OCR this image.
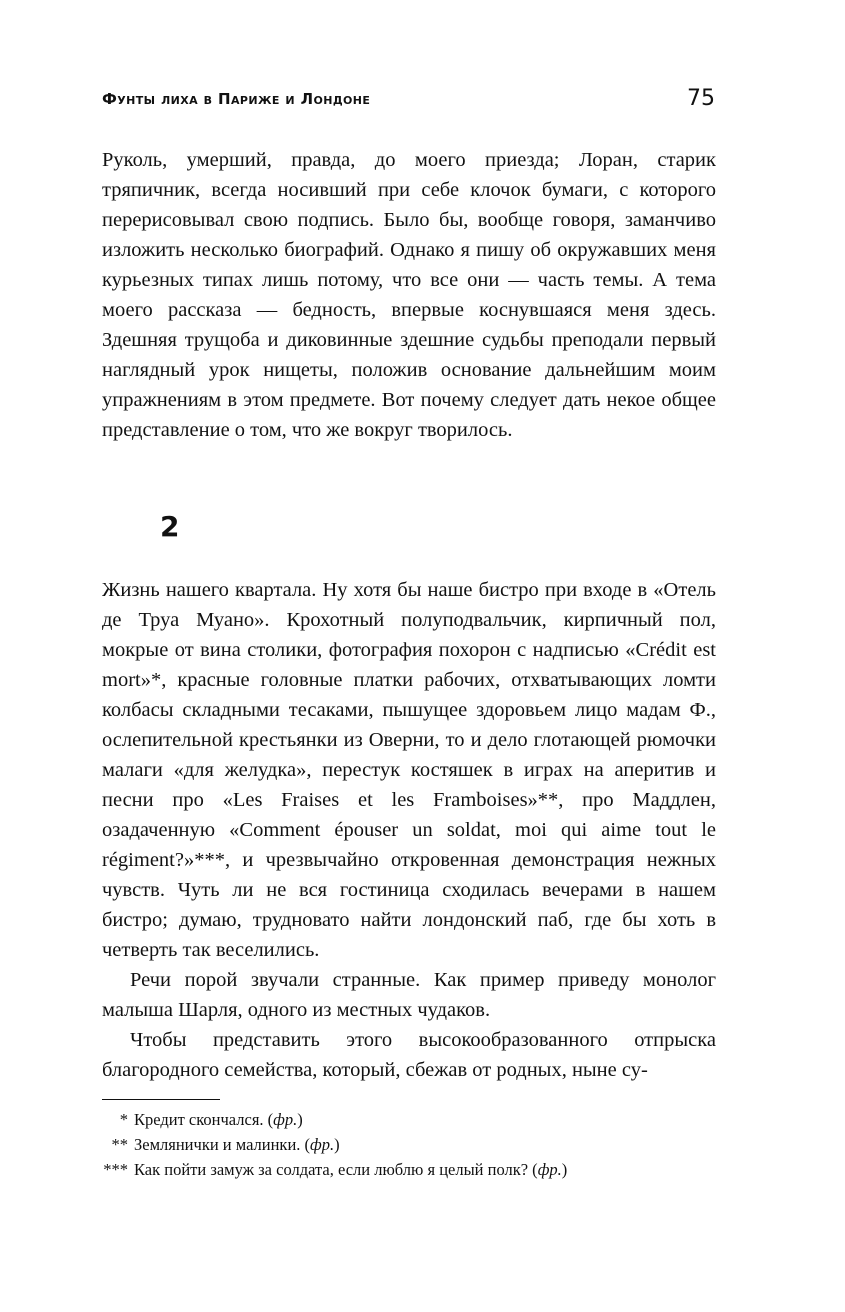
Фунты лиха в Париже и Лондоне	75

Руколь, умерший, правда, до моего приезда; Лоран, старик тряпичник, всегда носивший при себе клочок бумаги, с которого перерисовывал свою подпись. Было бы, вообще говоря, заманчиво изложить несколько биографий. Однако я пишу об окружавших меня курьезных типах лишь потому, что все они — часть темы. А тема моего рассказа — бедность, впервые коснувшаяся меня здесь. Здешняя трущоба и диковинные здешние судьбы преподали первый наглядный урок нищеты, положив основание дальнейшим моим упражнениям в этом предмете. Вот почему следует дать некое общее представление о том, что же вокруг творилось.

2

Жизнь нашего квартала. Ну хотя бы наше бистро при входе в «Отель де Труа Муано». Крохотный полуподвальчик, кирпичный пол, мокрые от вина столики, фотография похорон с надписью «Crédit est mort»*, красные головные платки рабочих, отхватывающих ломти колбасы складными тесаками, пышущее здоровьем лицо мадам Ф., ослепительной крестьянки из Оверни, то и дело глотающей рюмочки малаги «для желудка», перестук костяшек в играх на аперитив и песни про «Les Fraises et les Framboises»**, про Маддлен, озадаченную «Comment épouser un soldat, moi qui aime tout le régiment?»***, и чрезвычайно откровенная демонстрация нежных чувств. Чуть ли не вся гостиница сходилась вечерами в нашем бистро; думаю, трудновато найти лондонский паб, где бы хоть в четверть так веселились.

Речи порой звучали странные. Как пример приведу монолог малыша Шарля, одного из местных чудаков.

Чтобы представить этого высокообразованного отпрыска благородного семейства, который, сбежав от родных, ныне су-

* Кредит скончался. (фр.)
** Землянички и малинки. (фр.)
*** Как пойти замуж за солдата, если люблю я целый полк? (фр.)
